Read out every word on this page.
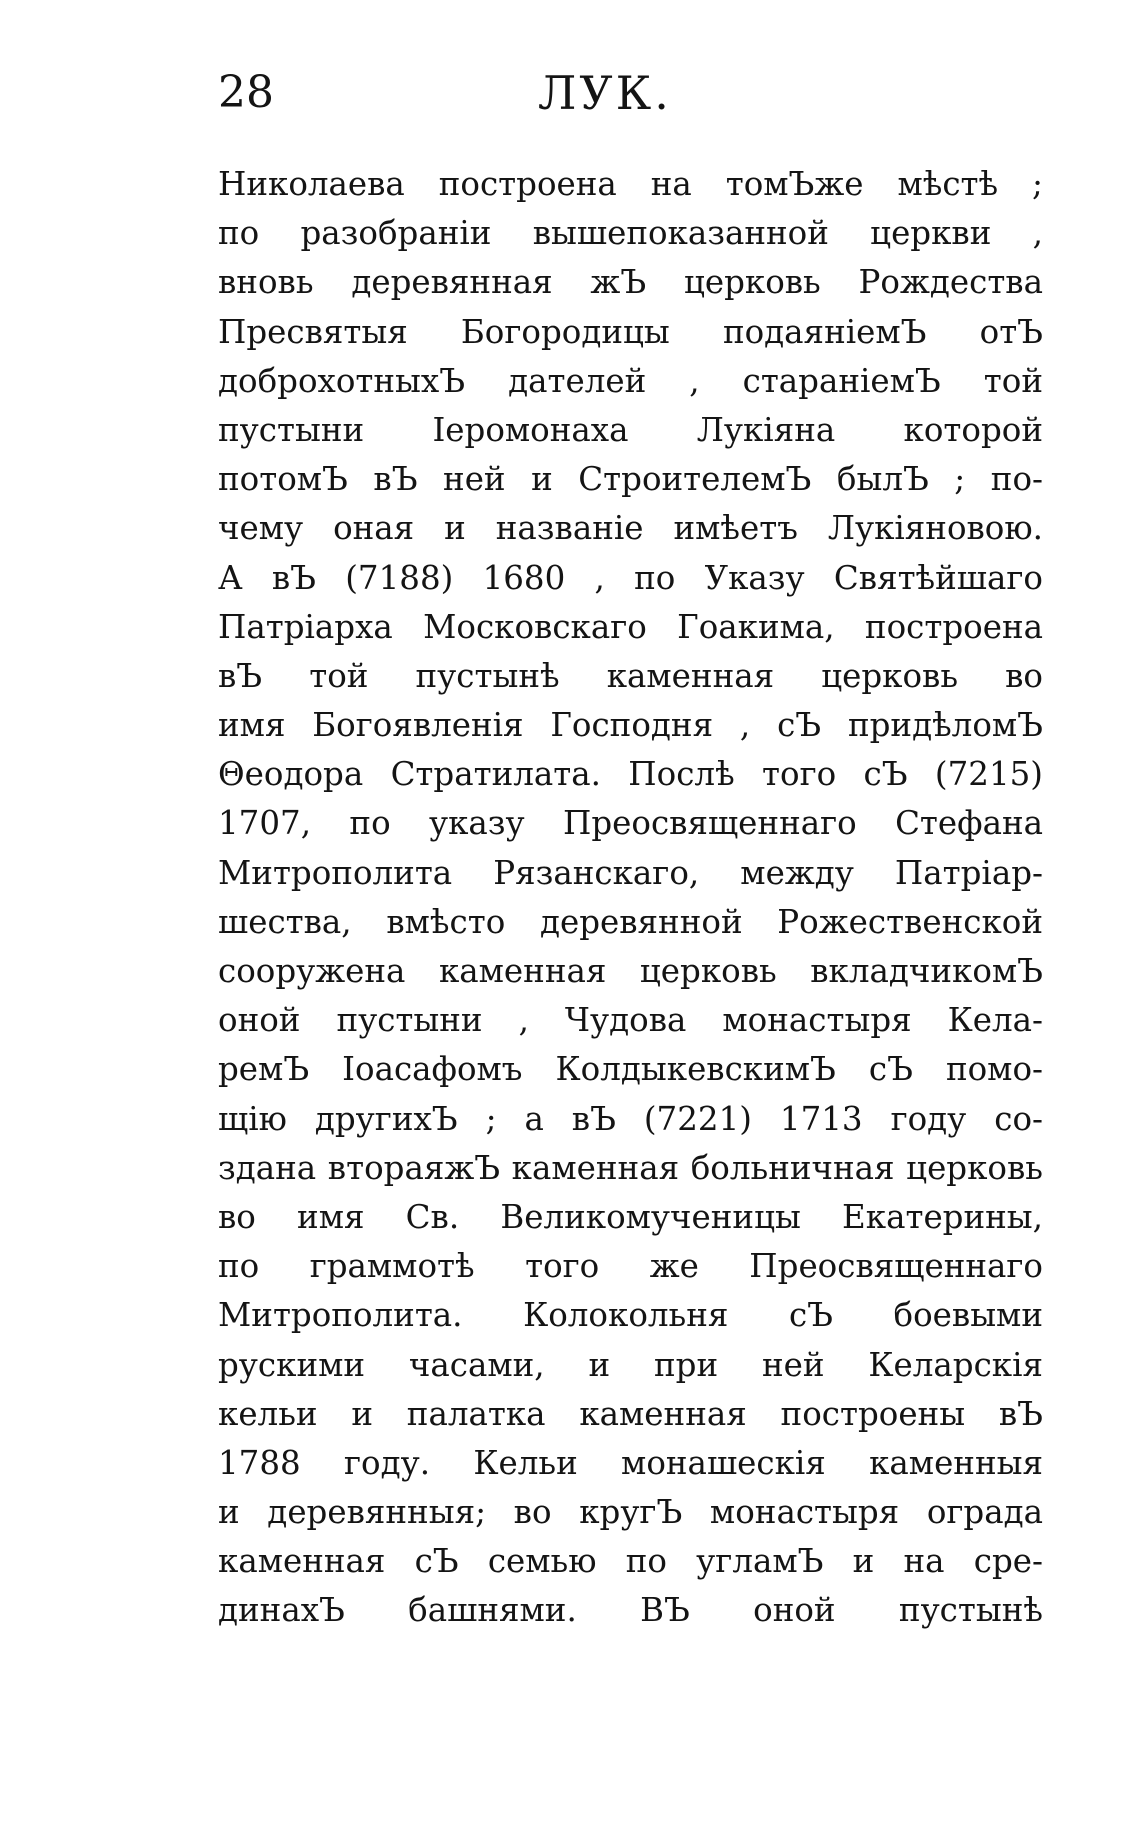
28	ЛУК.
Николаева построена на томЪже мѣстѣ ;
по разобранiи вышепоказанной церкви ,
вновь деревянная жЪ церковь Рождества
Пресвятыя Богородицы подаянiемЪ отЪ
доброхотныхЪ дателей , старанiемЪ той
пустыни Iеромонаха Лукiяна которой
потомЪ вЪ ней и СтроителемЪ былЪ ; по-
чему оная и названiе имѣетъ Лукiяновою.
А вЪ (7188) 1680 , по Указу Святѣйшаго
Патрiарха Московскаго Гоакима, построена
вЪ той пустынѣ каменная церковь во
имя Богоявленiя Господня , сЪ придѣломЪ
Θеодора Стратилата. Послѣ того сЪ (7215)
1707, по указу Преосвященнаго Стефана
Митрополита Рязанскаго, между Патрiар-
шества, вмѣсто деревянной Рожественской
сооружена каменная церковь вкладчикомЪ
оной пустыни , Чудова монастыря Кела-
ремЪ Iоасафомъ КолдыкевскимЪ сЪ помо-
щiю другихЪ ; а вЪ (7221) 1713 году со-
здана втораяжЪ каменная больничная церковь
во имя Св. Великомученицы Екатерины,
по граммотѣ того же Преосвященнаго
Митрополита. Колокольня сЪ боевыми
рускими часами, и при ней Келарскiя
кельи и палатка каменная построены вЪ
1788 году. Кельи монашескiя каменныя
и деревянныя; во кругЪ монастыря ограда
каменная сЪ семью по угламЪ и на сре-
динахЪ башнями. ВЪ оной пустынѣ
